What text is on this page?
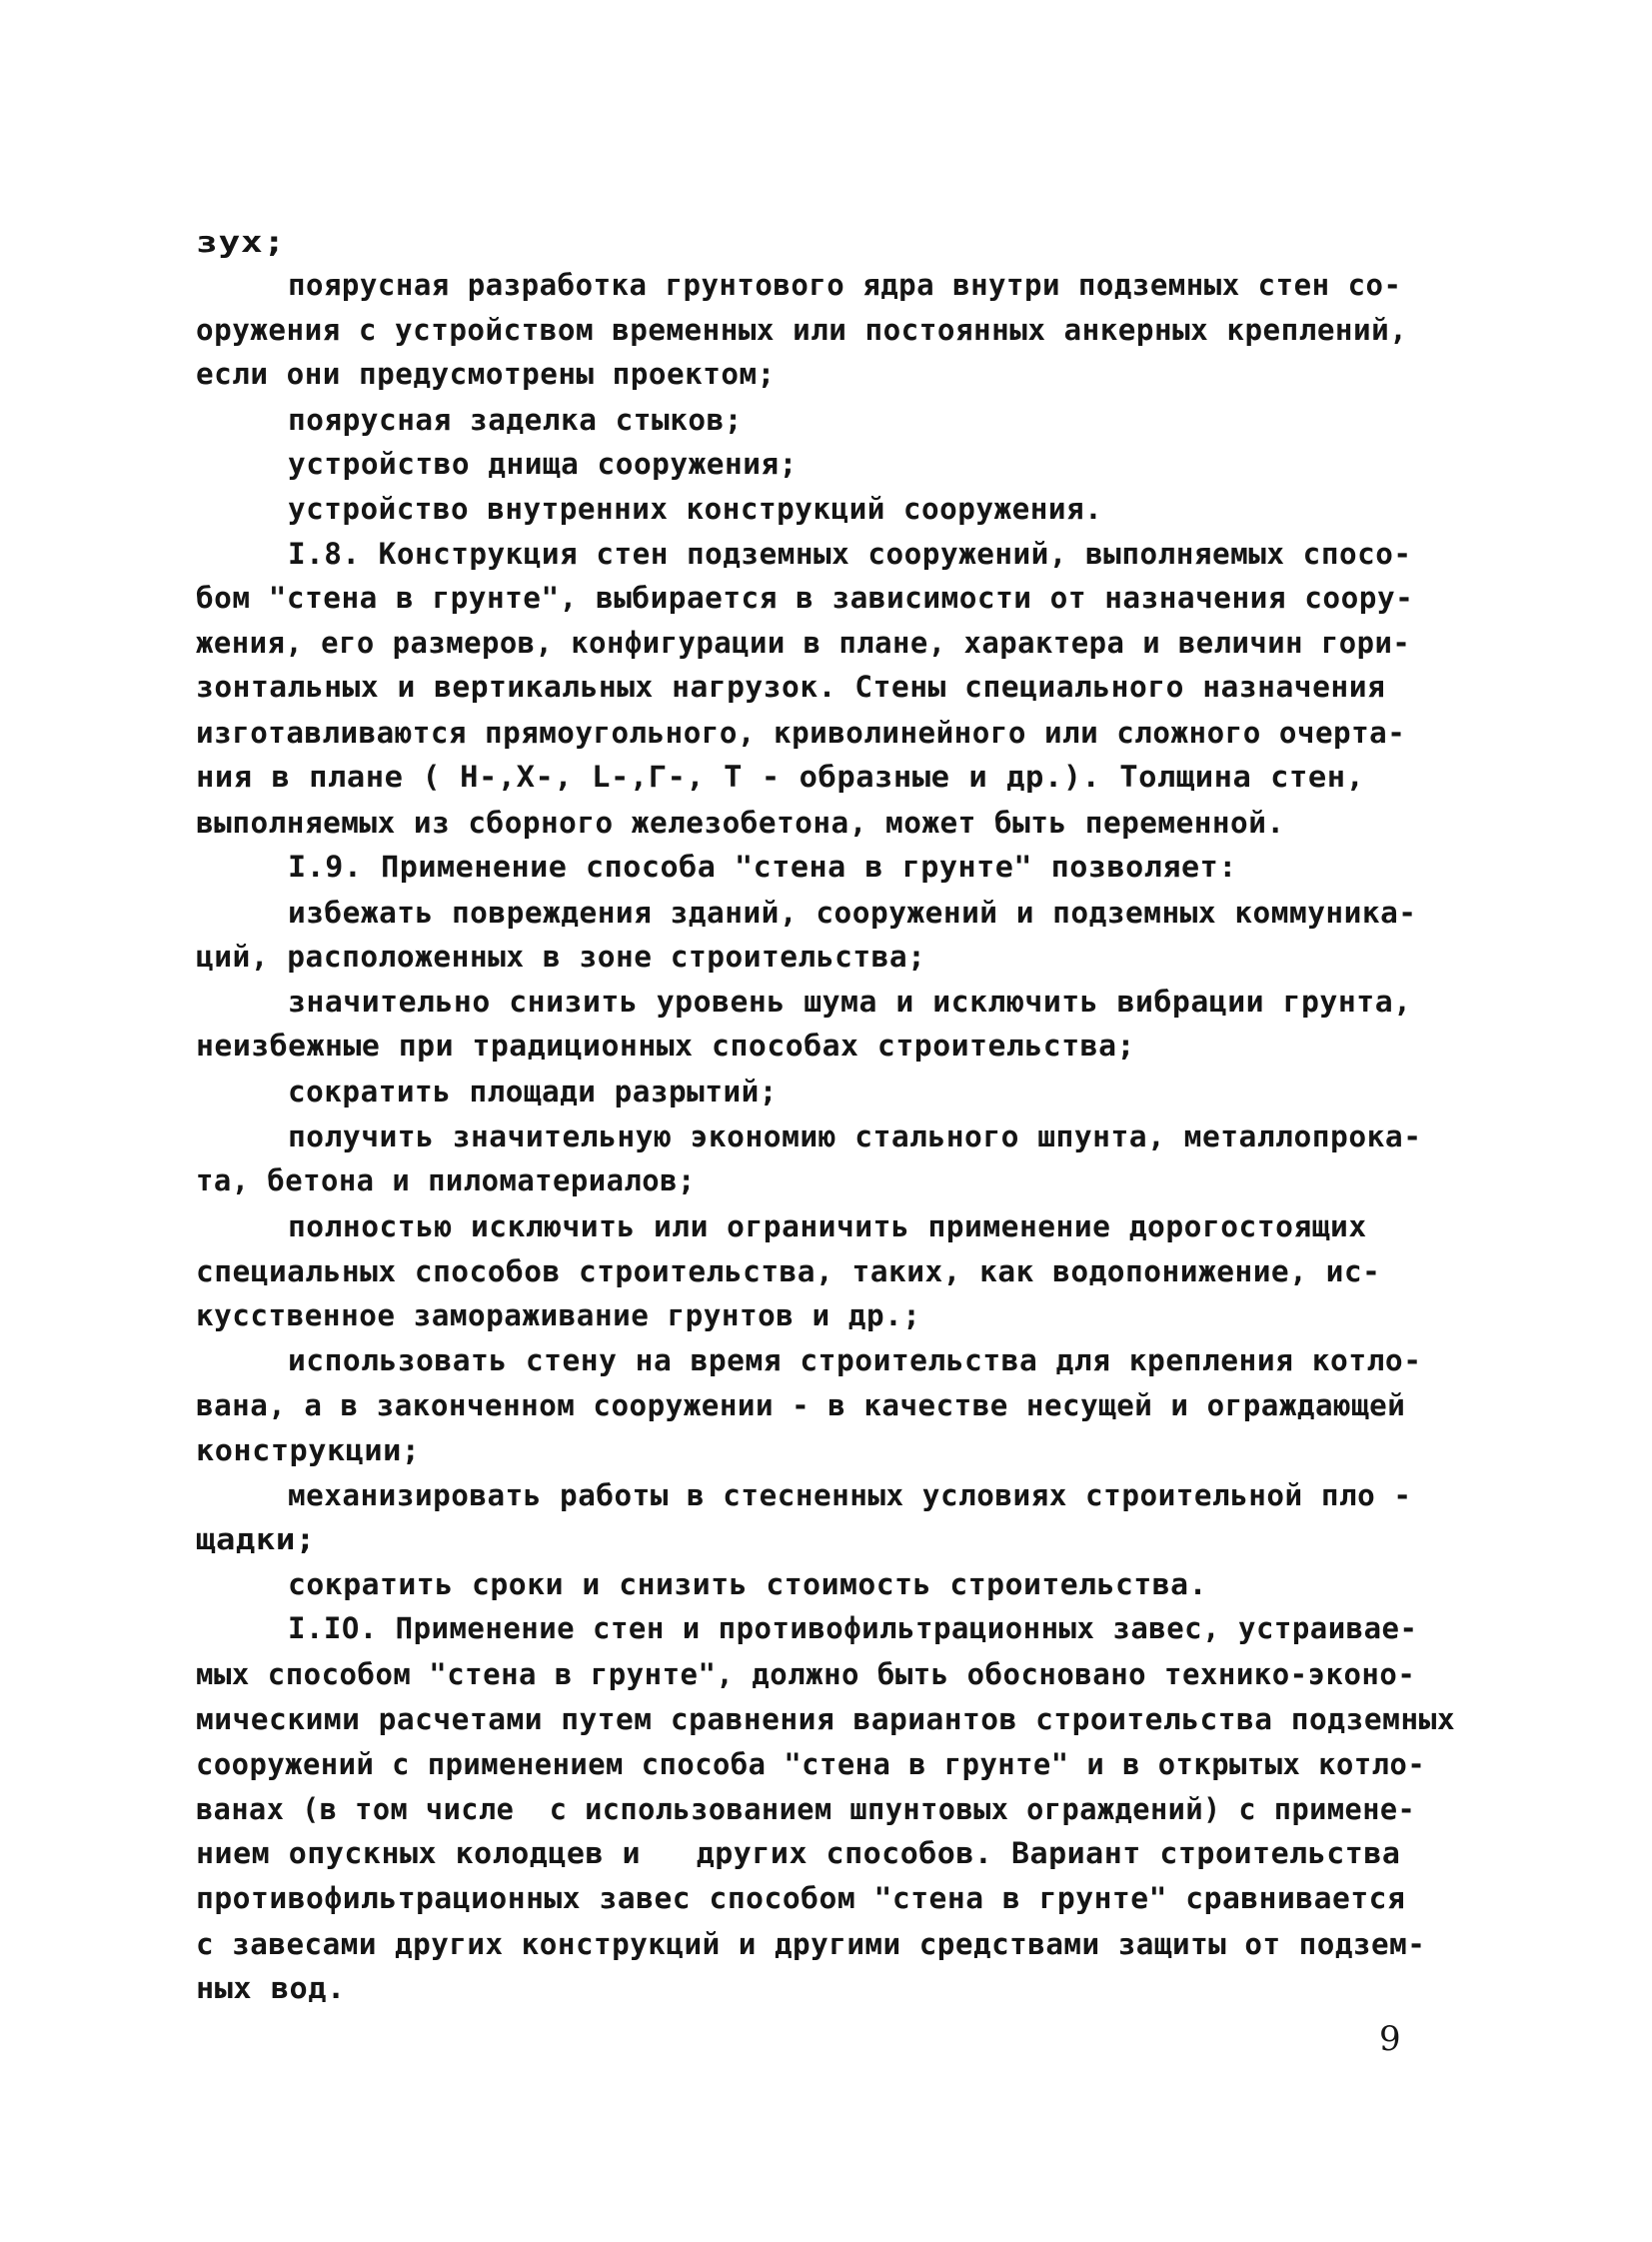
зух;
поярусная разработка грунтового ядра внутри подземных стен со-
оружения с устройством временных или постоянных анкерных креплений,
если они предусмотрены проектом;
поярусная заделка стыков;
устройство днища сооружения;
устройство внутренних конструкций сооружения.
I.8. Конструкция стен подземных сооружений, выполняемых спосо-
бом "стена в грунте", выбирается в зависимости от назначения соору-
жения, его размеров, конфигурации в плане, характера и величин гори-
зонтальных и вертикальных нагрузок. Стены специального назначения
изготавливаются прямоугольного, криволинейного или сложного очерта-
ния в плане ( Н-,Х-, L-,Г-, Т - образные и др.). Толщина стен,
выполняемых из сборного железобетона, может быть переменной.
I.9. Применение способа "стена в грунте" позволяет:
избежать повреждения зданий, сооружений и подземных коммуника-
ций, расположенных в зоне строительства;
значительно снизить уровень шума и исключить вибрации грунта,
неизбежные при традиционных способах строительства;
сократить площади разрытий;
получить значительную экономию стального шпунта, металлопрока-
та, бетона и пиломатериалов;
полностью исключить или ограничить применение дорогостоящих
специальных способов строительства, таких, как водопонижение, ис-
кусственное замораживание грунтов и др.;
использовать стену на время строительства для крепления котло-
вана, а в законченном сооружении - в качестве несущей и ограждающей
конструкции;
механизировать работы в стесненных условиях строительной пло -
щадки;
сократить сроки и снизить стоимость строительства.
I.IO. Применение стен и противофильтрационных завес, устраивае-
мых способом "стена в грунте", должно быть обосновано технико-эконо-
мическими расчетами путем сравнения вариантов строительства подземных
сооружений с применением способа "стена в грунте" и в открытых котло-
ванах (в том числе  с использованием шпунтовых ограждений) с примене-
нием опускных колодцев и   других способов. Вариант строительства
противофильтрационных завес способом "стена в грунте" сравнивается
с завесами других конструкций и другими средствами защиты от подзем-
ных вод.
9
